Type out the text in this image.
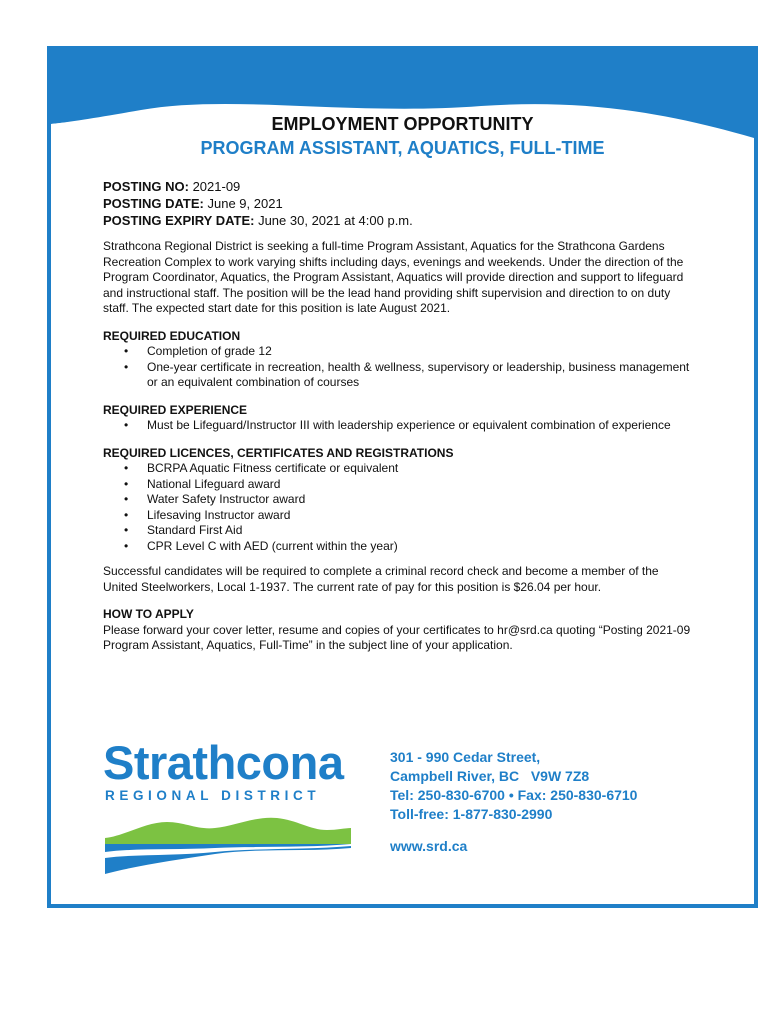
EMPLOYMENT OPPORTUNITY
PROGRAM ASSISTANT, AQUATICS, FULL-TIME

POSTING NO: 2021-09

POSTING DATE: June 9, 2021

POSTING EXPIRY DATE: June 30, 2021 at 4:00 p.m.

Strathcona Regional District is seeking a full-time Program Assistant, Aquatics for the Strathcona Gardens Recreation Complex to work varying shifts including days, evenings and weekends. Under the direction of the Program Coordinator, Aquatics, the Program Assistant, Aquatics will provide direction and support to lifeguard and instructional staff. The position will be the lead hand providing shift supervision and direction to on duty staff. The expected start date for this position is late August 2021.

REQUIRED EDUCATION
• Completion of grade 12
• One-year certificate in recreation, health & wellness, supervisory or leadership, business management or an equivalent combination of courses
REQUIRED EXPERIENCE
• Must be Lifeguard/Instructor III with leadership experience or equivalent combination of experience
REQUIRED LICENCES, CERTIFICATES AND REGISTRATIONS
• BCRPA Aquatic Fitness certificate or equivalent
• National Lifeguard award
• Water Safety Instructor award
• Lifesaving Instructor award
• Standard First Aid
• CPR Level C with AED (current within the year)

Successful candidates will be required to complete a criminal record check and become a member of the United Steelworkers, Local 1-1937. The current rate of pay for this position is $26.04 per hour.

HOW TO APPLY

Please forward your cover letter, resume and copies of your certificates to hr@srd.ca quoting “Posting 2021-09 Program Assistant, Aquatics, Full-Time” in the subject line of your application.

Strathcona
REGIONAL DISTRICT
301 - 990 Cedar Street,
Campbell River, BC   V9W 7Z8
Tel: 250-830-6700 • Fax: 250-830-6710
Toll-free: 1-877-830-2990
www.srd.ca
